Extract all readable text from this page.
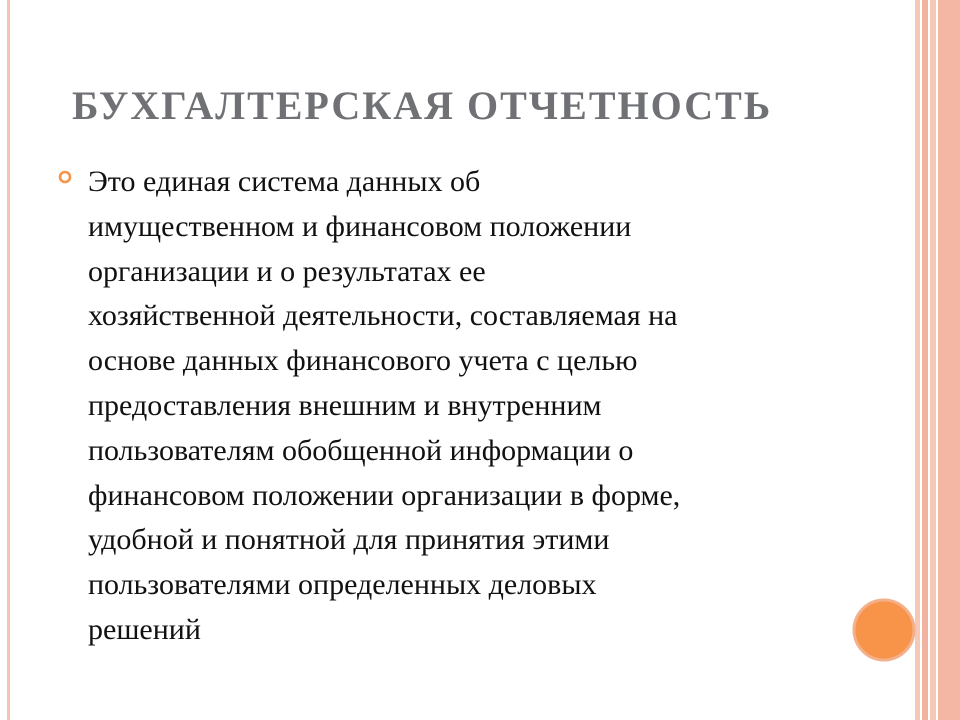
БУХГАЛТЕРСКАЯ ОТЧЕТНОСТЬ
Это единая система данных об
имущественном и финансовом положении
организации и о результатах ее
хозяйственной деятельности, составляемая на
основе данных финансового учета с целью
предоставления внешним и внутренним
пользователям обобщенной информации о
финансовом положении организации в форме,
удобной и понятной для принятия этими
пользователями определенных деловых
решений
